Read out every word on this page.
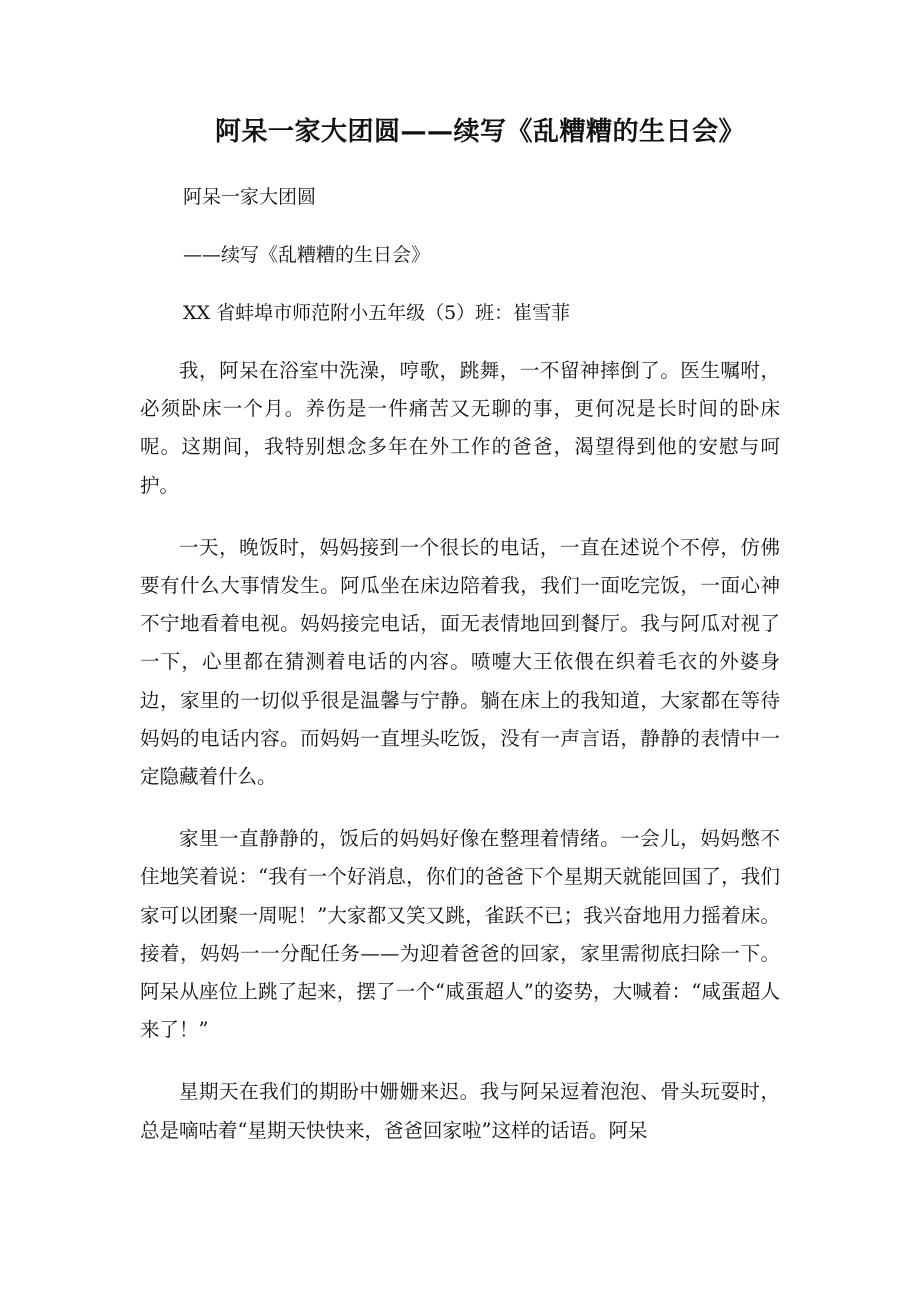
阿呆一家大团圆——续写《乱糟糟的生日会》
阿呆一家大团圆
——续写《乱糟糟的生日会》
XX 省蚌埠市师范附小五年级（5）班：崔雪菲

我，阿呆在浴室中洗澡，哼歌，跳舞，一不留神摔倒了。医生嘱咐，必须卧床一个月。养伤是一件痛苦又无聊的事，更何况是长时间的卧床呢。这期间，我特别想念多年在外工作的爸爸，渴望得到他的安慰与呵护。

一天，晚饭时，妈妈接到一个很长的电话，一直在述说个不停，仿佛要有什么大事情发生。阿瓜坐在床边陪着我，我们一面吃完饭，一面心神不宁地看着电视。妈妈接完电话，面无表情地回到餐厅。我与阿瓜对视了一下，心里都在猜测着电话的内容。喷嚏大王依偎在织着毛衣的外婆身边，家里的一切似乎很是温馨与宁静。躺在床上的我知道，大家都在等待妈妈的电话内容。而妈妈一直埋头吃饭，没有一声言语，静静的表情中一定隐藏着什么。

家里一直静静的，饭后的妈妈好像在整理着情绪。一会儿，妈妈憋不住地笑着说：“我有一个好消息，你们的爸爸下个星期天就能回国了，我们家可以团聚一周呢！”大家都又笑又跳，雀跃不已；我兴奋地用力摇着床。接着，妈妈一一分配任务——为迎着爸爸的回家，家里需彻底扫除一下。阿呆从座位上跳了起来，摆了一个“咸蛋超人”的姿势，大喊着：“咸蛋超人来了！”

星期天在我们的期盼中姗姗来迟。我与阿呆逗着泡泡、骨头玩耍时，总是嘀咕着“星期天快快来，爸爸回家啦”这样的话语。阿呆
